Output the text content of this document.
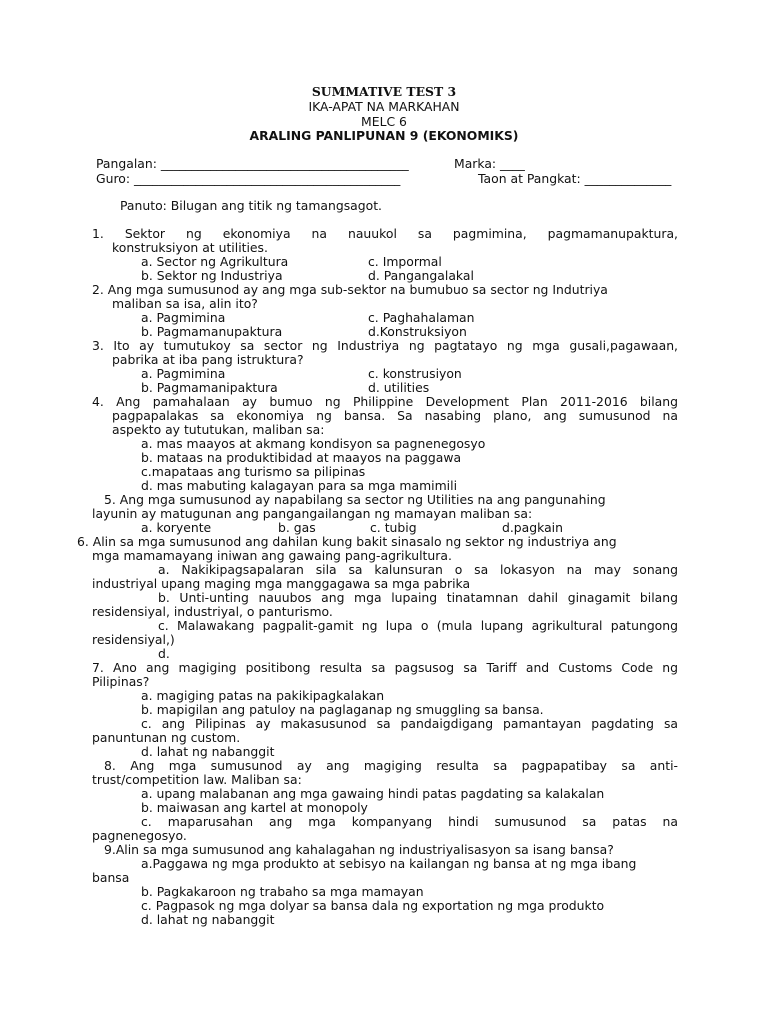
SUMMATIVE TEST 3
IKA-APAT NA MARKAHAN
MELC 6
ARALING PANLIPUNAN 9 (EKONOMIKS)
Pangalan: ________________________________________	Marka: ____
Guro: ___________________________________________	Taon at Pangkat: ______________
Panuto: Bilugan ang titik ng tamangsagot.
1. Sektor ng ekonomiya na nauukol sa pagmimina, pagmamanupaktura,
konstruksiyon at utilities.
a. Sector ng Agrikultura	c. Impormal
b. Sektor ng Industriya	d. Pangangalakal
2. Ang mga sumusunod ay ang mga sub-sektor na bumubuo sa sector ng Indutriya
maliban sa isa, alin ito?
a. Pagmimina	c. Paghahalaman
b. Pagmamanupaktura	d.Konstruksiyon
3. Ito ay tumutukoy sa sector ng Industriya ng pagtatayo ng mga gusali,pagawaan,
pabrika at iba pang istruktura?
a. Pagmimina	c. konstrusiyon
b. Pagmamanipaktura	d. utilities
4. Ang pamahalaan ay bumuo ng Philippine Development Plan 2011-2016 bilang
pagpapalakas sa ekonomiya ng bansa. Sa nasabing plano, ang sumusunod na
aspekto ay tututukan, maliban sa:
a. mas maayos at akmang kondisyon sa pagnenegosyo
b. mataas na produktibidad at maayos na paggawa
c.mapataas ang turismo sa pilipinas
d. mas mabuting kalagayan para sa mga mamimili
5. Ang mga sumusunod ay napabilang sa sector ng Utilities na ang pangunahing
layunin ay matugunan ang pangangailangan ng mamayan maliban sa:
a. koryente	b. gas	c. tubig	d.pagkain
6. Alin sa mga sumusunod ang dahilan kung bakit sinasalo ng sektor ng industriya ang
mga mamamayang iniwan ang gawaing pang-agrikultura.
a. Nakikipagsapalaran sila sa kalunsuran o sa lokasyon na may sonang
industriyal upang maging mga manggagawa sa mga pabrika
b. Unti-unting nauubos ang mga lupaing tinatamnan dahil ginagamit bilang
residensiyal, industriyal, o panturismo.
c. Malawakang pagpalit-gamit ng lupa o (mula lupang agrikultural patungong
residensiyal,)
d.
7. Ano ang magiging positibong resulta sa pagsusog sa Tariff and Customs Code ng
Pilipinas?
a. magiging patas na pakikipagkalakan
b. mapigilan ang patuloy na paglaganap ng smuggling sa bansa.
c. ang Pilipinas ay makasusunod sa pandaigdigang pamantayan pagdating sa
panuntunan ng custom.
d. lahat ng nabanggit
8. Ang mga sumusunod ay ang magiging resulta sa pagpapatibay sa anti-
trust/competition law. Maliban sa:
a. upang malabanan ang mga gawaing hindi patas pagdating sa kalakalan
b. maiwasan ang kartel at monopoly
c. maparusahan ang mga kompanyang hindi sumusunod sa patas na
pagnenegosyo.
9.Alin sa mga sumusunod ang kahalagahan ng industriyalisasyon sa isang bansa?
a.Paggawa ng mga produkto at sebisyo na kailangan ng bansa at ng mga ibang
bansa
b. Pagkakaroon ng trabaho sa mga mamayan
c. Pagpasok ng mga dolyar sa bansa dala ng exportation ng mga produkto
d. lahat ng nabanggit
